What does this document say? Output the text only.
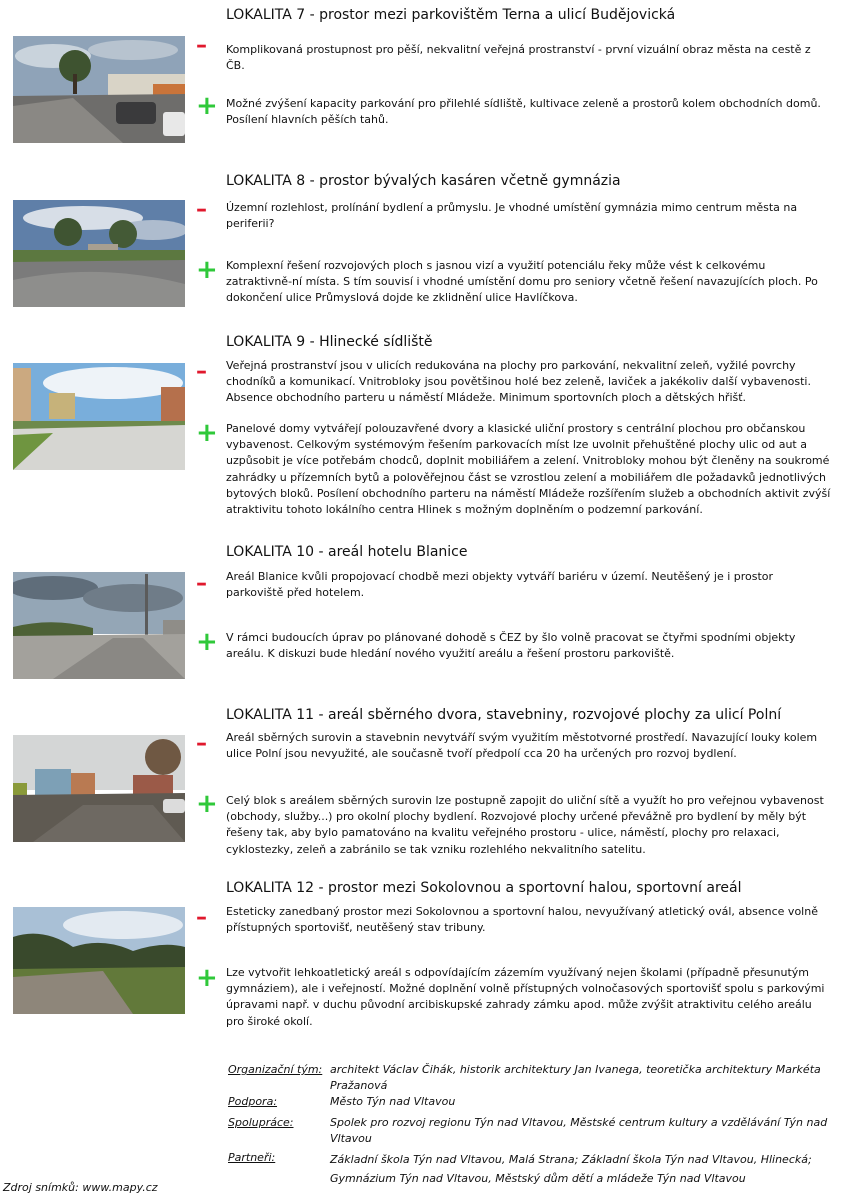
LOKALITA 7 - prostor mezi parkovištěm Terna a ulicí Budějovická
– Komplikovaná prostupnost pro pěší, nekvalitní veřejná prostranství - první vizuální obraz města na cestě z ČB.
+ Možné zvýšení kapacity parkování pro přilehlé sídliště, kultivace zeleně a prostorů kolem obchodních domů. Posílení hlavních pěších tahů.
LOKALITA 8 - prostor bývalých kasáren včetně gymnázia
– Územní rozlehlost, prolínání bydlení a průmyslu. Je vhodné umístění gymnázia mimo centrum města na periferii?
+ Komplexní řešení rozvojových ploch s jasnou vizí a využití potenciálu řeky může vést k celkovému zatraktivně-ní místa. S tím souvisí i vhodné umístění domu pro seniory včetně řešení navazujících ploch. Po dokončení ulice Průmyslová dojde ke zklidnění ulice Havlíčkova.
LOKALITA 9 - Hlinecké sídliště
– Veřejná prostranství jsou v ulicích redukována na plochy pro parkování, nekvalitní zeleň, vyžilé povrchy chodníků a komunikací. Vnitrobloky jsou povětšinou holé bez zeleně, laviček a jakékoliv další vybavenosti. Absence obchodního parteru u náměstí Mládeže. Minimum sportovních ploch a dětských hřišť.
+ Panelové domy vytvářejí polouzavřené dvory a klasické uliční prostory s centrální plochou pro občanskou vybavenost. Celkovým systémovým řešením parkovacích míst lze uvolnit přehuštěné plochy ulic od aut a uzpůsobit je více potřebám chodců, doplnit mobiliářem a zelení. Vnitrobloky mohou být členěny na soukromé zahrádky u přízemních bytů a polověřejnou část se vzrostlou zelení a mobiliářem dle požadavků jednotlivých bytových bloků. Posílení obchodního parteru na náměstí Mládeže rozšířením služeb a obchodních aktivit zvýší atraktivitu tohoto lokálního centra Hlinek s možným doplněním o podzemní parkování.
LOKALITA 10 - areál hotelu Blanice
– Areál Blanice kvůli propojovací chodbě mezi objekty vytváří bariéru v území. Neutěšený je i prostor parkoviště před hotelem.
+ V rámci budoucích úprav po plánované dohodě s ČEZ by šlo volně pracovat se čtyřmi spodními objekty areálu. K diskuzi bude hledání nového využití areálu a řešení prostoru parkoviště.
LOKALITA 11 - areál sběrného dvora, stavebniny, rozvojové plochy za ulicí Polní
– Areál sběrných surovin a stavebnin nevytváří svým využitím městotvorné prostředí. Navazující louky kolem ulice Polní jsou nevyužité, ale současně tvoří předpolí cca 20 ha určených pro rozvoj bydlení.
+ Celý blok s areálem sběrných surovin lze postupně zapojit do uliční sítě a využít ho pro veřejnou vybavenost (obchody, služby...) pro okolní plochy bydlení. Rozvojové plochy určené převážně pro bydlení by měly být řešeny tak, aby bylo pamatováno na kvalitu veřejného prostoru - ulice, náměstí, plochy pro relaxaci, cyklostezky, zeleň a zabránilo se tak vzniku rozlehlého nekvalitního satelitu.
LOKALITA 12 - prostor mezi Sokolovnou a sportovní halou, sportovní areál
– Esteticky zanedbaný prostor mezi Sokolovnou a sportovní halou, nevyužívaný atletický ovál, absence volně přístupných sportovišť, neutěšený stav tribuny.
+ Lze vytvořit lehkoatletický areál s odpovídajícím zázemím využívaný nejen školami (případně přesunutým gymnáziem), ale i veřejností. Možné doplnění volně přístupných volnočasových sportovišť spolu s parkovými úpravami např. v duchu původní arcibiskupské zahrady zámku apod. může zvýšit atraktivitu celého areálu pro široké okolí.
Organizační tým: architekt Václav Čihák, historik architektury Jan Ivanega, teoretička architektury Markéta Pražanová
Podpora:	Město Týn nad Vltavou
Spolupráce:	Spolek pro rozvoj regionu Týn nad Vltavou, Městské centrum kultury a vzdělávání Týn nad Vltavou
Partneři:	Základní škola Týn nad Vltavou, Malá Strana; Základní škola Týn nad Vltavou, Hlinecká; Gymnázium Týn nad Vltavou, Městský dům dětí a mládeže Týn nad Vltavou
Zdroj snímků: www.mapy.cz
